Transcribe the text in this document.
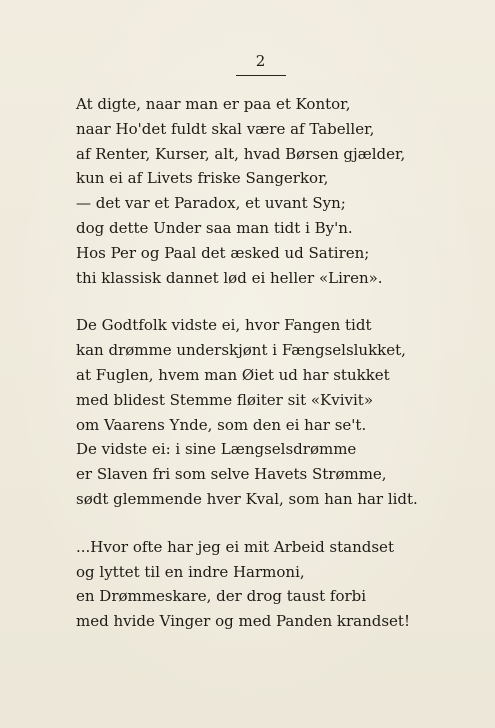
2
At digte, naar man er paa et Kontor,
naar Ho'det fuldt skal være af Tabeller,
af Renter, Kurser, alt, hvad Børsen gjælder,
kun ei af Livets friske Sangerkor,
— det var et Paradox, et uvant Syn;
dog dette Under saa man tidt i By'n.
Hos Per og Paal det æsked ud Satiren;
thi klassisk dannet lød ei heller «Liren».
De Godtfolk vidste ei, hvor Fangen tidt
kan drømme underskjønt i Fængselslukket,
at Fuglen, hvem man Øiet ud har stukket
med blidest Stemme fløiter sit «Kvivit»
om Vaarens Ynde, som den ei har se't.
De vidste ei: i sine Længselsdrømme
er Slaven fri som selve Havets Strømme,
sødt glemmende hver Kval, som han har lidt.
...Hvor ofte har jeg ei mit Arbeid standset
og lyttet til en indre Harmoni,
en Drømmeskare, der drog taust forbi
med hvide Vinger og med Panden krandset!
